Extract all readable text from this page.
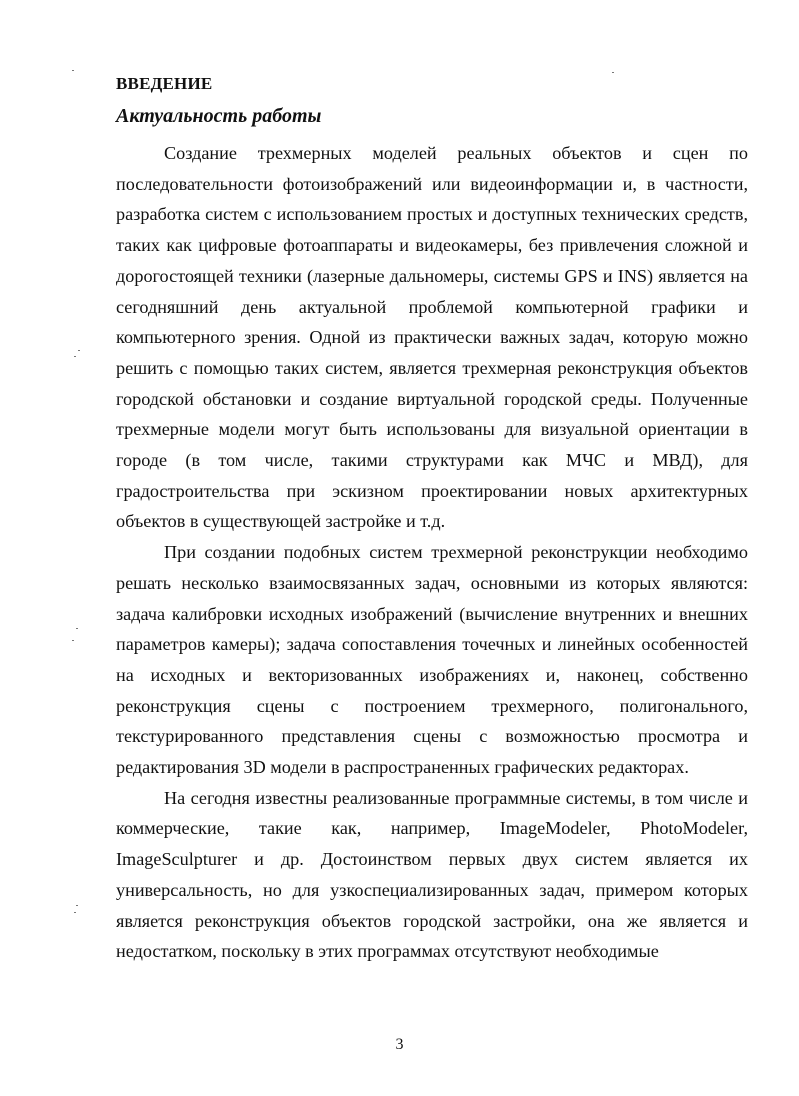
ВВЕДЕНИЕ
Актуальность работы

Создание трехмерных моделей реальных объектов и сцен по последовательности фотоизображений или видеоинформации и, в частности, разработка систем с использованием простых и доступных технических средств, таких как цифровые фотоаппараты и видеокамеры, без привлечения сложной и дорогостоящей техники (лазерные дальномеры, системы GPS и INS) является на сегодняшний день актуальной проблемой компьютерной графики и компьютерного зрения. Одной из практически важных задач, которую можно решить с помощью таких систем, является трехмерная реконструкция объектов городской обстановки и создание виртуальной городской среды. Полученные трехмерные модели могут быть использованы для визуальной ориентации в городе (в том числе, такими структурами как МЧС и МВД), для градостроительства при эскизном проектировании новых архитектурных объектов в существующей застройке и т.д.

При создании подобных систем трехмерной реконструкции необходимо решать несколько взаимосвязанных задач, основными из которых являются: задача калибровки исходных изображений (вычисление внутренних и внешних параметров камеры); задача сопоставления точечных и линейных особенностей на исходных и векторизованных изображениях и, наконец, собственно реконструкция сцены с построением трехмерного, полигонального, текстурированного представления сцены с возможностью просмотра и редактирования 3D модели в распространенных графических редакторах.

На сегодня известны реализованные программные системы, в том числе и коммерческие, такие как, например, ImageModeler, PhotoModeler, ImageSculpturer и др. Достоинством первых двух систем является их универсальность, но для узкоспециализированных задач, примером которых является реконструкция объектов городской застройки, она же является и недостатком, поскольку в этих программах отсутствуют необходимые

3
